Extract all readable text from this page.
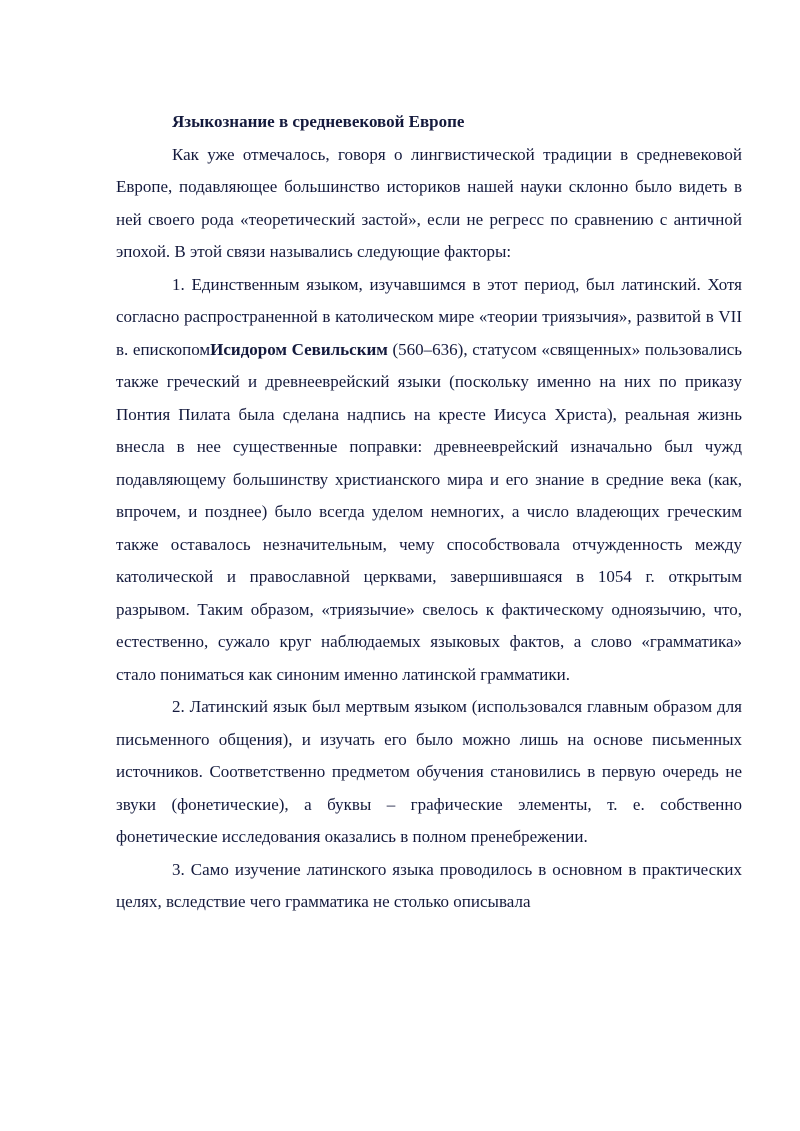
Языкознание в средневековой Европе

Как уже отмечалось, говоря о лингвистической традиции в средневековой Европе, подавляющее большинство историков нашей науки склонно было видеть в ней своего рода «теоретический застой», если не регресс по сравнению с античной эпохой. В этой связи назывались следующие факторы:

1. Единственным языком, изучавшимся в этот период, был латинский. Хотя согласно распространенной в католическом мире «теории триязычия», развитой в VII в. епископомИсидором Севильским (560–636), статусом «священных» пользовались также греческий и древнееврейский языки (поскольку именно на них по приказу Понтия Пилата была сделана надпись на кресте Иисуса Христа), реальная жизнь внесла в нее существенные поправки: древнееврейский изначально был чужд подавляющему большинству христианского мира и его знание в средние века (как, впрочем, и позднее) было всегда уделом немногих, а число владеющих греческим также оставалось незначительным, чему способствовала отчужденность между католической и православной церквами, завершившаяся в 1054 г. открытым разрывом. Таким образом, «триязычие» свелось к фактическому одноязычию, что, естественно, сужало круг наблюдаемых языковых фактов, а слово «грамматика» стало пониматься как синоним именно латинской грамматики.

2. Латинский язык был мертвым языком (использовался главным образом для письменного общения), и изучать его было можно лишь на основе письменных источников. Соответственно предметом обучения становились в первую очередь не звуки (фонетические), а буквы – графические элементы, т. е. собственно фонетические исследования оказались в полном пренебрежении.

3. Само изучение латинского языка проводилось в основном в практических целях, вследствие чего грамматика не столько описывала
